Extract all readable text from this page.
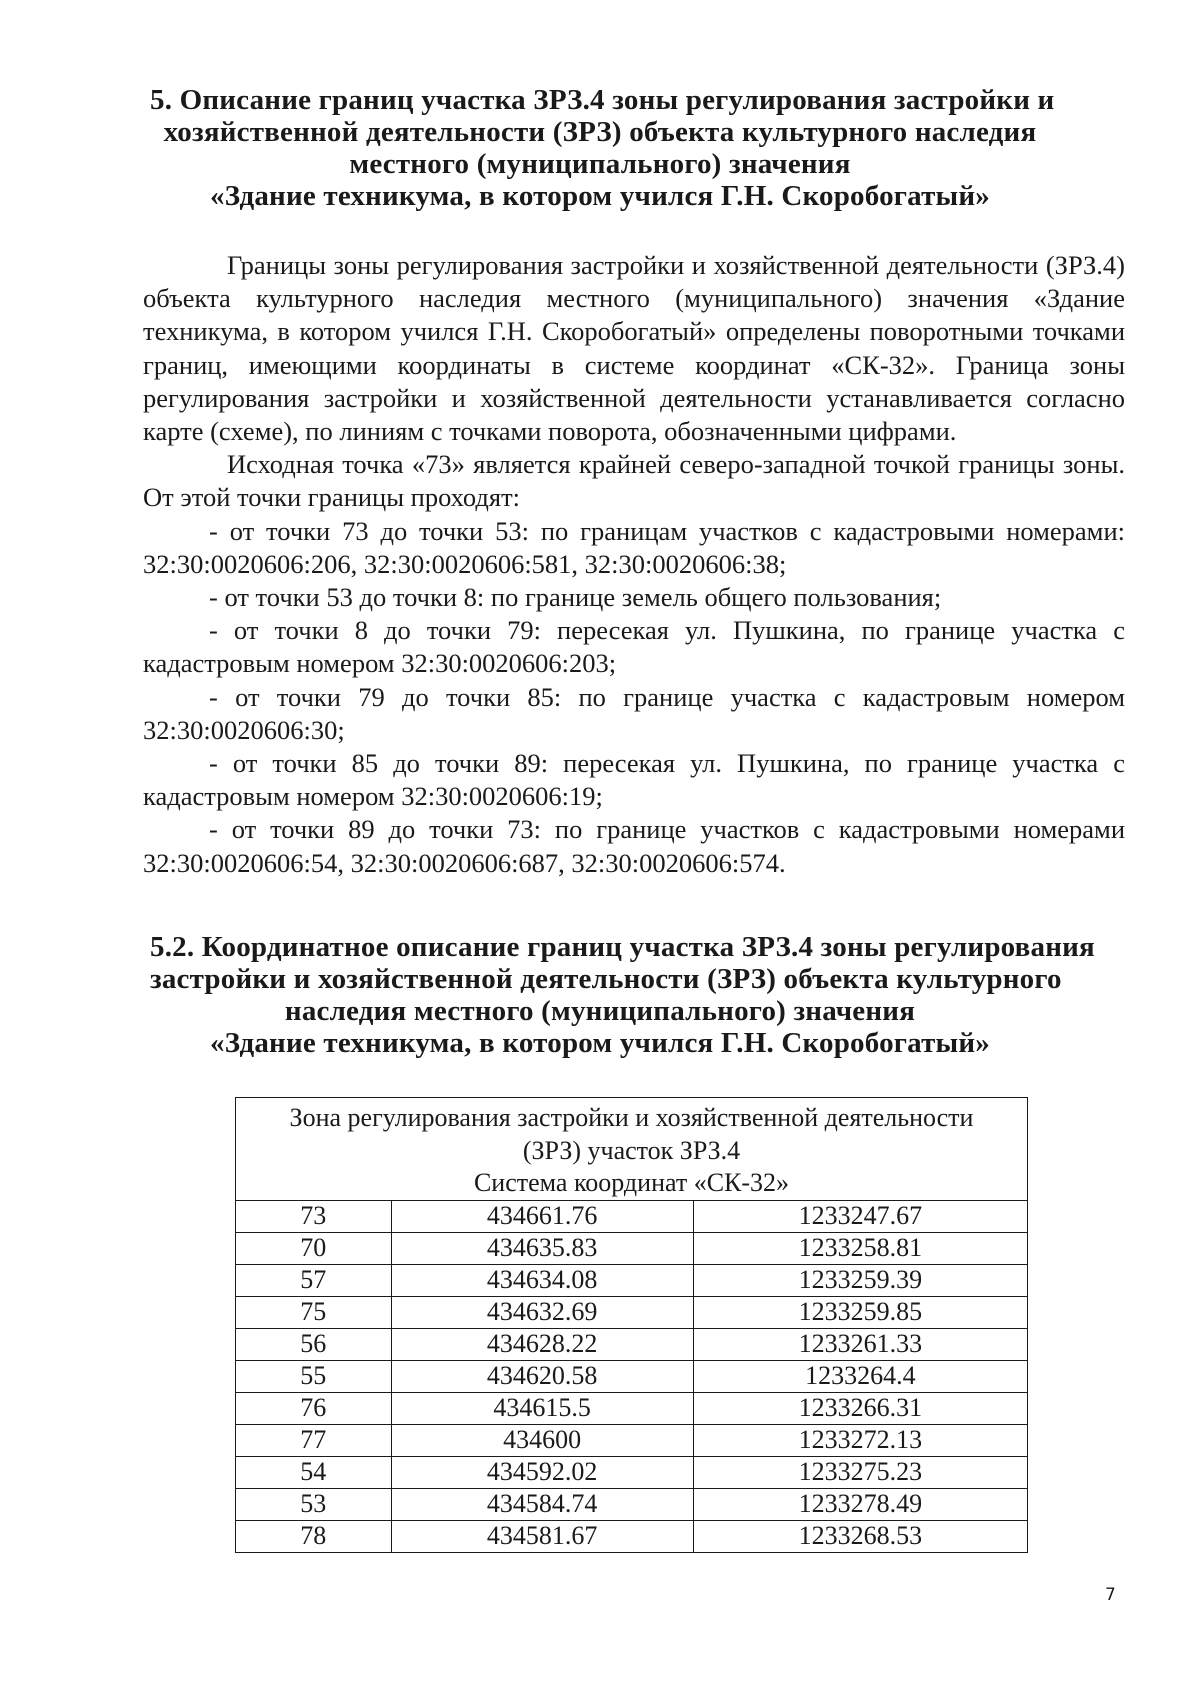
5. Описание границ участка ЗРЗ.4 зоны регулирования застройки и
хозяйственной деятельности (ЗРЗ) объекта культурного наследия
местного (муниципального) значения
«Здание техникума, в котором учился Г.Н. Скоробогатый»

Границы зоны регулирования застройки и хозяйственной деятельности (ЗРЗ.4) объекта культурного наследия местного (муниципального) значения «Здание техникума, в котором учился Г.Н. Скоробогатый» определены поворотными точками границ, имеющими координаты в системе координат «СК-32». Граница зоны регулирования застройки и хозяйственной деятельности устанавливается согласно карте (схеме), по линиям с точками поворота, обозначенными цифрами.

Исходная точка «73» является крайней северо-западной точкой границы зоны. От этой точки границы проходят:

- от точки 73 до точки 53: по границам участков с кадастровыми номерами: 32:30:0020606:206, 32:30:0020606:581, 32:30:0020606:38;

- от точки 53 до точки 8: по границе земель общего пользования;

- от точки 8 до точки 79: пересекая ул. Пушкина, по границе участка с кадастровым номером 32:30:0020606:203;

- от точки 79 до точки 85: по границе участка с кадастровым номером 32:30:0020606:30;

- от точки 85 до точки 89: пересекая ул. Пушкина, по границе участка с кадастровым номером 32:30:0020606:19;

- от точки 89 до точки 73: по границе участков с кадастровыми номерами 32:30:0020606:54, 32:30:0020606:687, 32:30:0020606:574.

5.2. Координатное описание границ участка ЗРЗ.4 зоны регулирования
застройки и хозяйственной деятельности (ЗРЗ) объекта культурного
наследия местного (муниципального) значения
«Здание техникума, в котором учился Г.Н. Скоробогатый»
Зона регулирования застройки и хозяйственной деятельности
(ЗРЗ) участок ЗРЗ.4
Система координат «СК-32»		

73	434661.76	1233247.67
70	434635.83	1233258.81
57	434634.08	1233259.39
75	434632.69	1233259.85
56	434628.22	1233261.33
55	434620.58	1233264.4
76	434615.5	1233266.31
77	434600	1233272.13
54	434592.02	1233275.23
53	434584.74	1233278.49
78	434581.67	1233268.53
7
